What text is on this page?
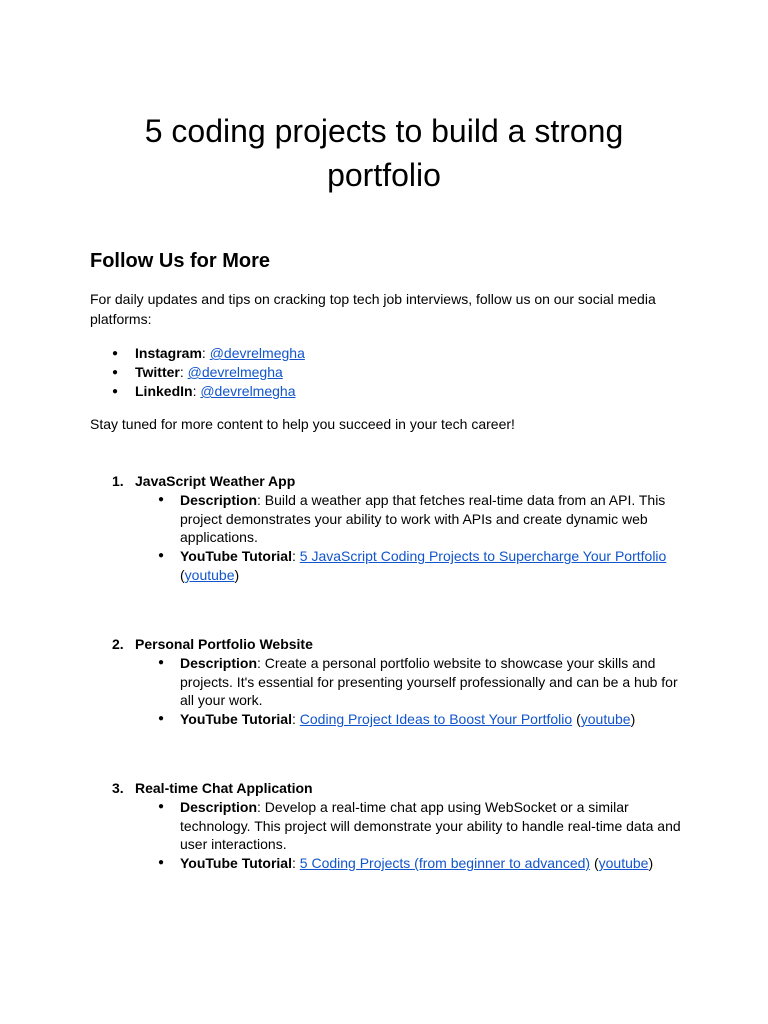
5 coding projects to build a strong portfolio
Follow Us for More

For daily updates and tips on cracking top tech job interviews, follow us on our social media platforms:

● Instagram: @devrelmegha
● Twitter: @devrelmegha
● LinkedIn: @devrelmegha

Stay tuned for more content to help you succeed in your tech career!

1. JavaScript Weather App
● Description: Build a weather app that fetches real-time data from an API. This project demonstrates your ability to work with APIs and create dynamic web applications.
● YouTube Tutorial: 5 JavaScript Coding Projects to Supercharge Your Portfolio (youtube)
2. Personal Portfolio Website
● Description: Create a personal portfolio website to showcase your skills and projects. It's essential for presenting yourself professionally and can be a hub for all your work.
● YouTube Tutorial: Coding Project Ideas to Boost Your Portfolio (youtube)
3. Real-time Chat Application
● Description: Develop a real-time chat app using WebSocket or a similar technology. This project will demonstrate your ability to handle real-time data and user interactions.
● YouTube Tutorial: 5 Coding Projects (from beginner to advanced) (youtube)
